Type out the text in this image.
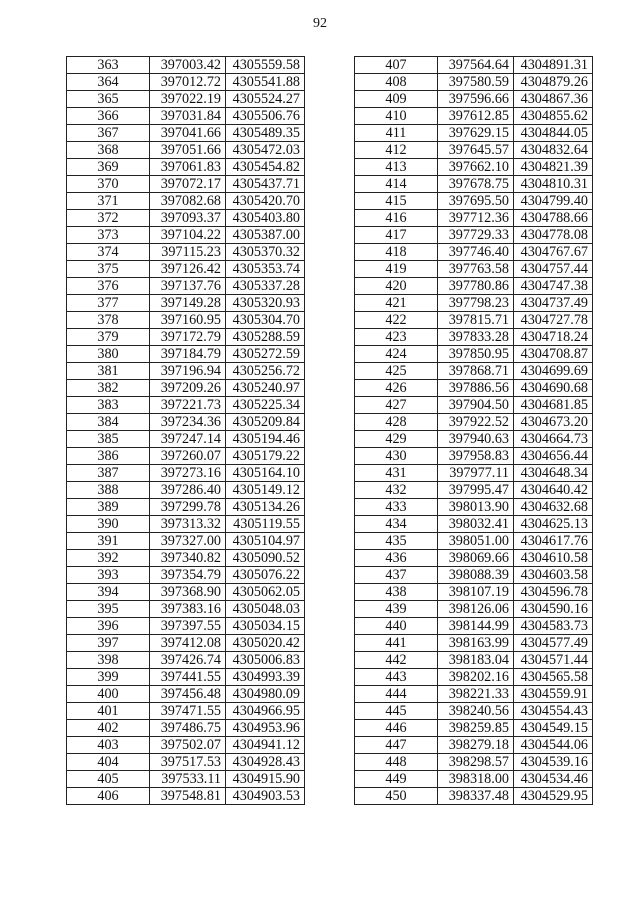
92
363	397003.42	4305559.58
364	397012.72	4305541.88
365	397022.19	4305524.27
366	397031.84	4305506.76
367	397041.66	4305489.35
368	397051.66	4305472.03
369	397061.83	4305454.82
370	397072.17	4305437.71
371	397082.68	4305420.70
372	397093.37	4305403.80
373	397104.22	4305387.00
374	397115.23	4305370.32
375	397126.42	4305353.74
376	397137.76	4305337.28
377	397149.28	4305320.93
378	397160.95	4305304.70
379	397172.79	4305288.59
380	397184.79	4305272.59
381	397196.94	4305256.72
382	397209.26	4305240.97
383	397221.73	4305225.34
384	397234.36	4305209.84
385	397247.14	4305194.46
386	397260.07	4305179.22
387	397273.16	4305164.10
388	397286.40	4305149.12
389	397299.78	4305134.26
390	397313.32	4305119.55
391	397327.00	4305104.97
392	397340.82	4305090.52
393	397354.79	4305076.22
394	397368.90	4305062.05
395	397383.16	4305048.03
396	397397.55	4305034.15
397	397412.08	4305020.42
398	397426.74	4305006.83
399	397441.55	4304993.39
400	397456.48	4304980.09
401	397471.55	4304966.95
402	397486.75	4304953.96
403	397502.07	4304941.12
404	397517.53	4304928.43
405	397533.11	4304915.90
406	397548.81	4304903.53
407	397564.64	4304891.31
408	397580.59	4304879.26
409	397596.66	4304867.36
410	397612.85	4304855.62
411	397629.15	4304844.05
412	397645.57	4304832.64
413	397662.10	4304821.39
414	397678.75	4304810.31
415	397695.50	4304799.40
416	397712.36	4304788.66
417	397729.33	4304778.08
418	397746.40	4304767.67
419	397763.58	4304757.44
420	397780.86	4304747.38
421	397798.23	4304737.49
422	397815.71	4304727.78
423	397833.28	4304718.24
424	397850.95	4304708.87
425	397868.71	4304699.69
426	397886.56	4304690.68
427	397904.50	4304681.85
428	397922.52	4304673.20
429	397940.63	4304664.73
430	397958.83	4304656.44
431	397977.11	4304648.34
432	397995.47	4304640.42
433	398013.90	4304632.68
434	398032.41	4304625.13
435	398051.00	4304617.76
436	398069.66	4304610.58
437	398088.39	4304603.58
438	398107.19	4304596.78
439	398126.06	4304590.16
440	398144.99	4304583.73
441	398163.99	4304577.49
442	398183.04	4304571.44
443	398202.16	4304565.58
444	398221.33	4304559.91
445	398240.56	4304554.43
446	398259.85	4304549.15
447	398279.18	4304544.06
448	398298.57	4304539.16
449	398318.00	4304534.46
450	398337.48	4304529.95
